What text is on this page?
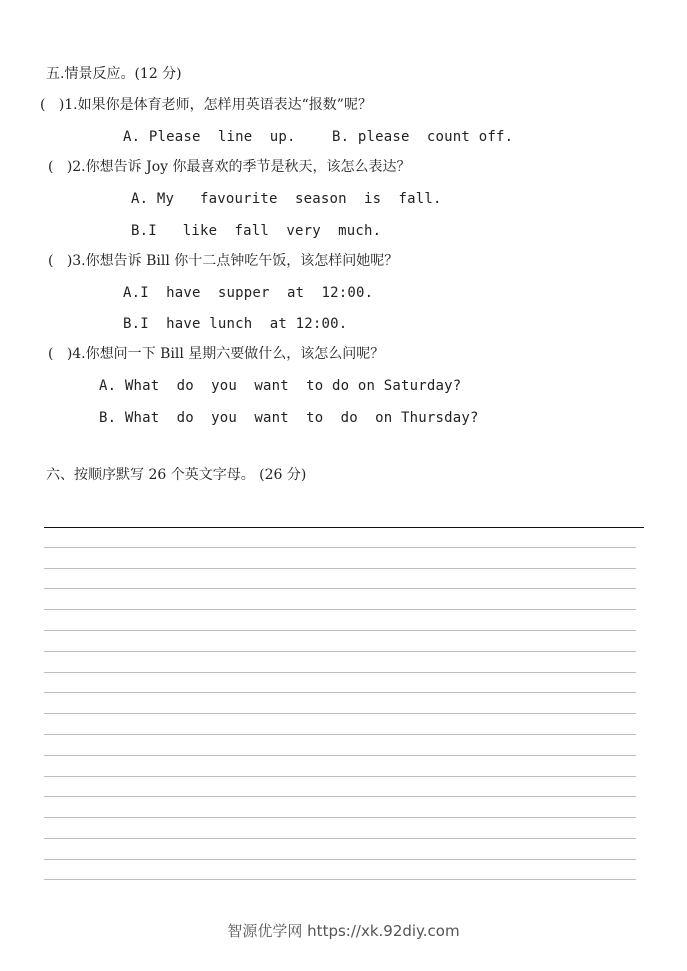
五.情景反应。(12 分)
(   )1.如果你是体育老师，怎样用英语表达“报数”呢？
A. Please  line  up.	B. please  count off.
(   )2.你想告诉 Joy 你最喜欢的季节是秋天，该怎么表达？
A. My   favourite  season  is  fall.
B.I   like  fall  very  much.
(   )3.你想告诉 Bill 你十二点钟吃午饭，该怎样问她呢？
A.I  have  supper  at  12:00.
B.I  have lunch  at 12:00.
(   )4.你想问一下 Bill 星期六要做什么，该怎么问呢？
A. What  do  you  want  to do on Saturday?
B. What  do  you  want  to  do  on Thursday?
六、按顺序默写 26 个英文字母。 (26 分)
智源优学网 https://xk.92diy.com
